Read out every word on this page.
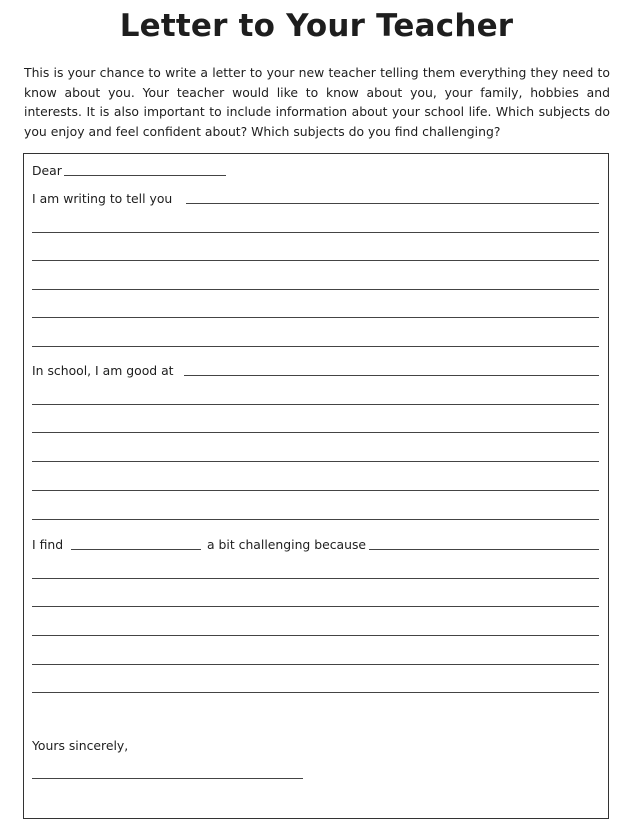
Letter to Your Teacher
This is your chance to write a letter to your new teacher telling them everything they need to know about you. Your teacher would like to know about you, your family, hobbies and interests. It is also important to include information about your school life. Which subjects do you enjoy and feel confident about? Which subjects do you find challenging?
Dear
I am writing to tell you
In school, I am good at
I find	a bit challenging because
Yours sincerely,
